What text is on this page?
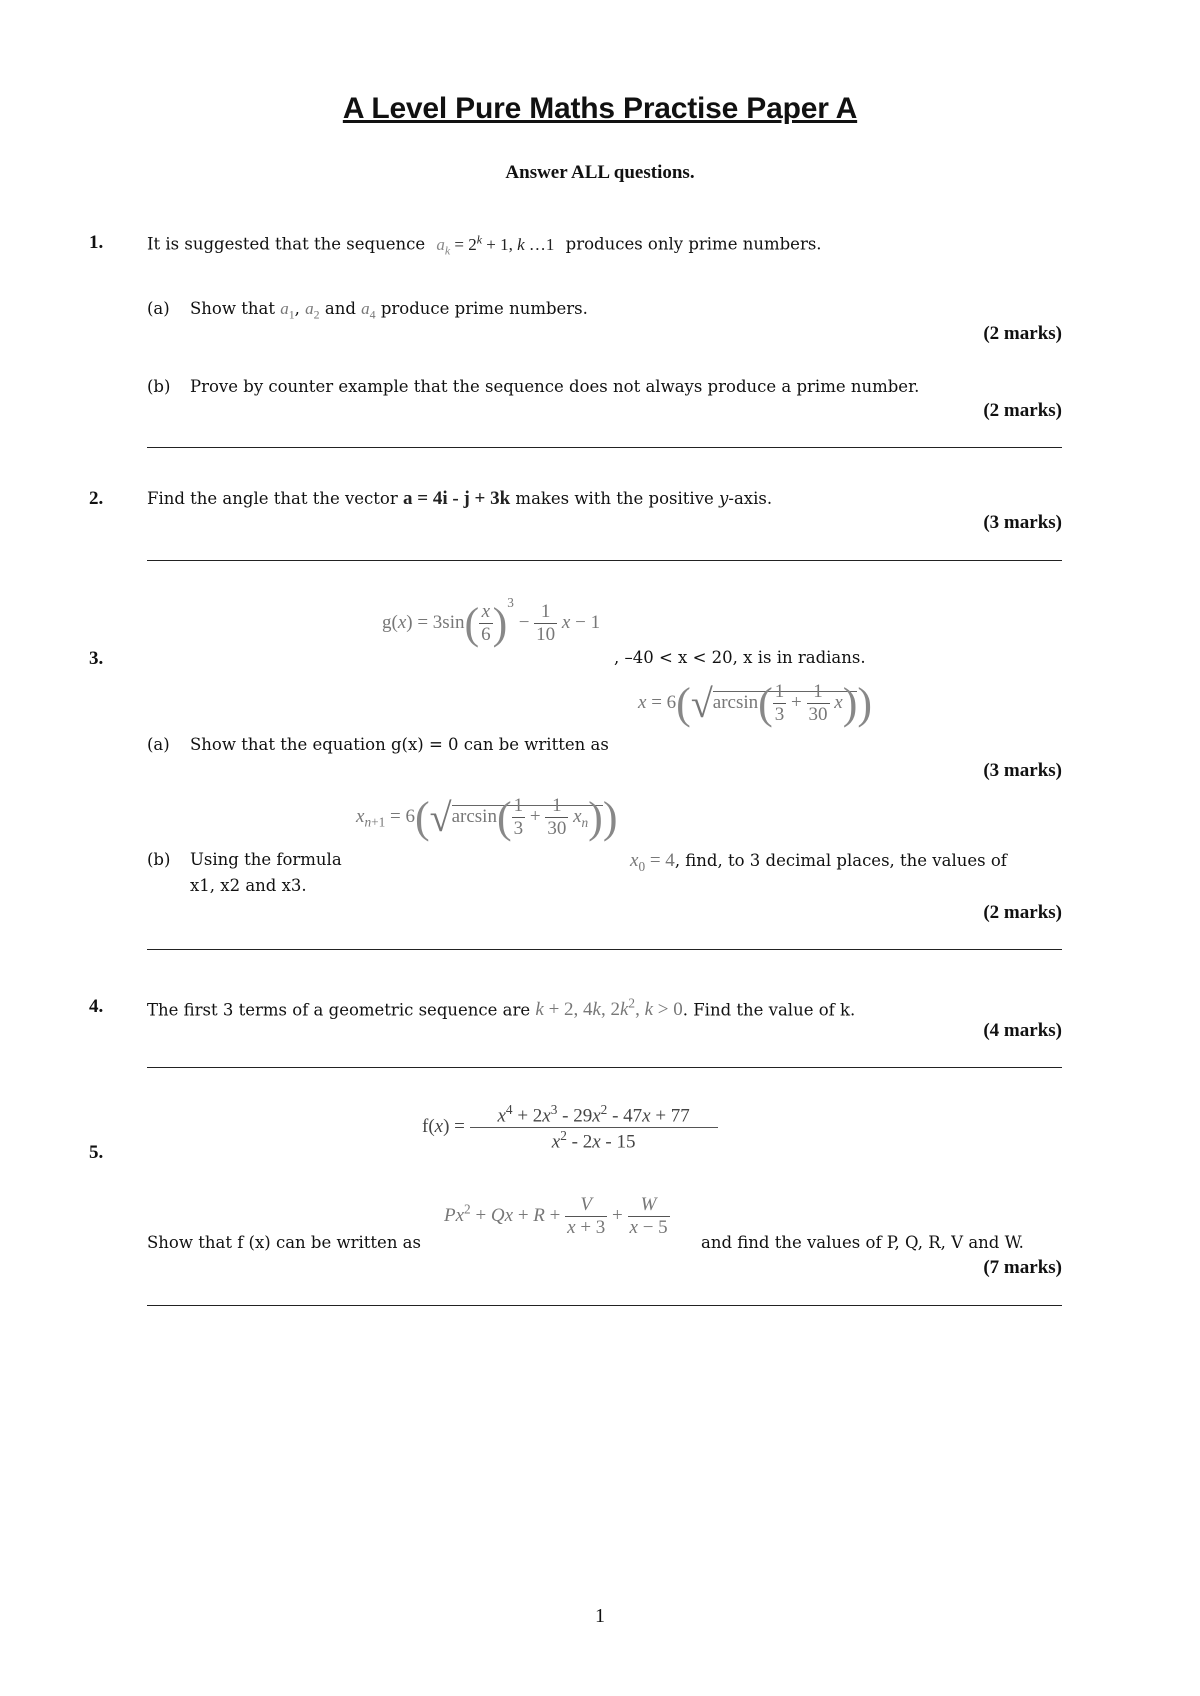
A Level Pure Maths Practise Paper A
Answer ALL questions.
1.	It is suggested that the sequence $a_k = 2^k + 1$, k …1 produces only prime numbers.
(a) Show that $a_1$, $a_2$ and $a_4$ produce prime numbers.
(2 marks)
(b) Prove by counter example that the sequence does not always produce a prime number.
(2 marks)
2.	Find the angle that the vector a = 4i - j + 3k makes with the positive y-axis.
(3 marks)
$g(x) = 3\sin( \frac{x}{6} )^3 - \frac{1}{10}$ x − 1
3.	, –40 < x < 20, x is in radians.
$x = 6(√\arcsin( \frac{1}{3} + \frac{1}{30} x))$
(a) Show that the equation g(x) = 0 can be written as
(3 marks)
$x_{n+1} = 6(√\arcsin( \frac{1}{3} + \frac{1}{30} x_n))$
(b) Using the formula	$x_0 = 4$, find, to 3 decimal places, the values of
x1, x2 and x3.
(2 marks)
4.	The first 3 terms of a geometric sequence are k + 2, 4k, $2k^2$, k > 0. Find the value of k.
(4 marks)
$f(x) = \frac{x^4 + 2x^3 - 29x^2 - 47x + 77}{x^2 - 2x - 15}$
5.
$Px^2 + Qx + R + \frac{V}{x + 3} + \frac{W}{x - 5}$
Show that f (x) can be written as	and find the values of P, Q, R, V and W.
(7 marks)
1
